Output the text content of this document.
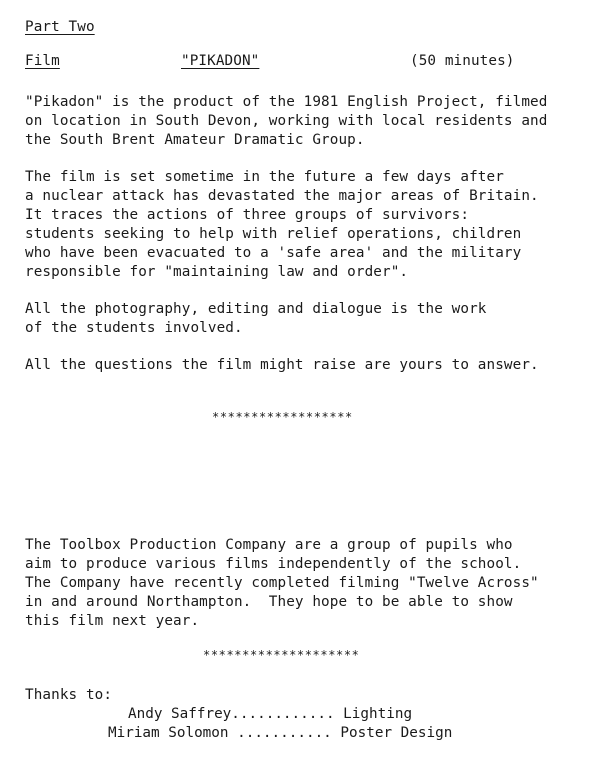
Part Two
Film	"PIKADON"	(50 minutes)
"Pikadon" is the product of the 1981 English Project, filmed
on location in South Devon, working with local residents and
the South Brent Amateur Dramatic Group.
The film is set sometime in the future a few days after
a nuclear attack has devastated the major areas of Britain.
It traces the actions of three groups of survivors:
students seeking to help with relief operations, children
who have been evacuated to a 'safe area' and the military
responsible for "maintaining law and order".
All the photography, editing and dialogue is the work
of the students involved.
All the questions the film might raise are yours to answer.
******************
The Toolbox Production Company are a group of pupils who
aim to produce various films independently of the school.
The Company have recently completed filming "Twelve Across"
in and around Northampton.  They hope to be able to show
this film next year.
********************
Thanks to:
Andy Saffrey............ Lighting
Miriam Solomon ........... Poster Design
